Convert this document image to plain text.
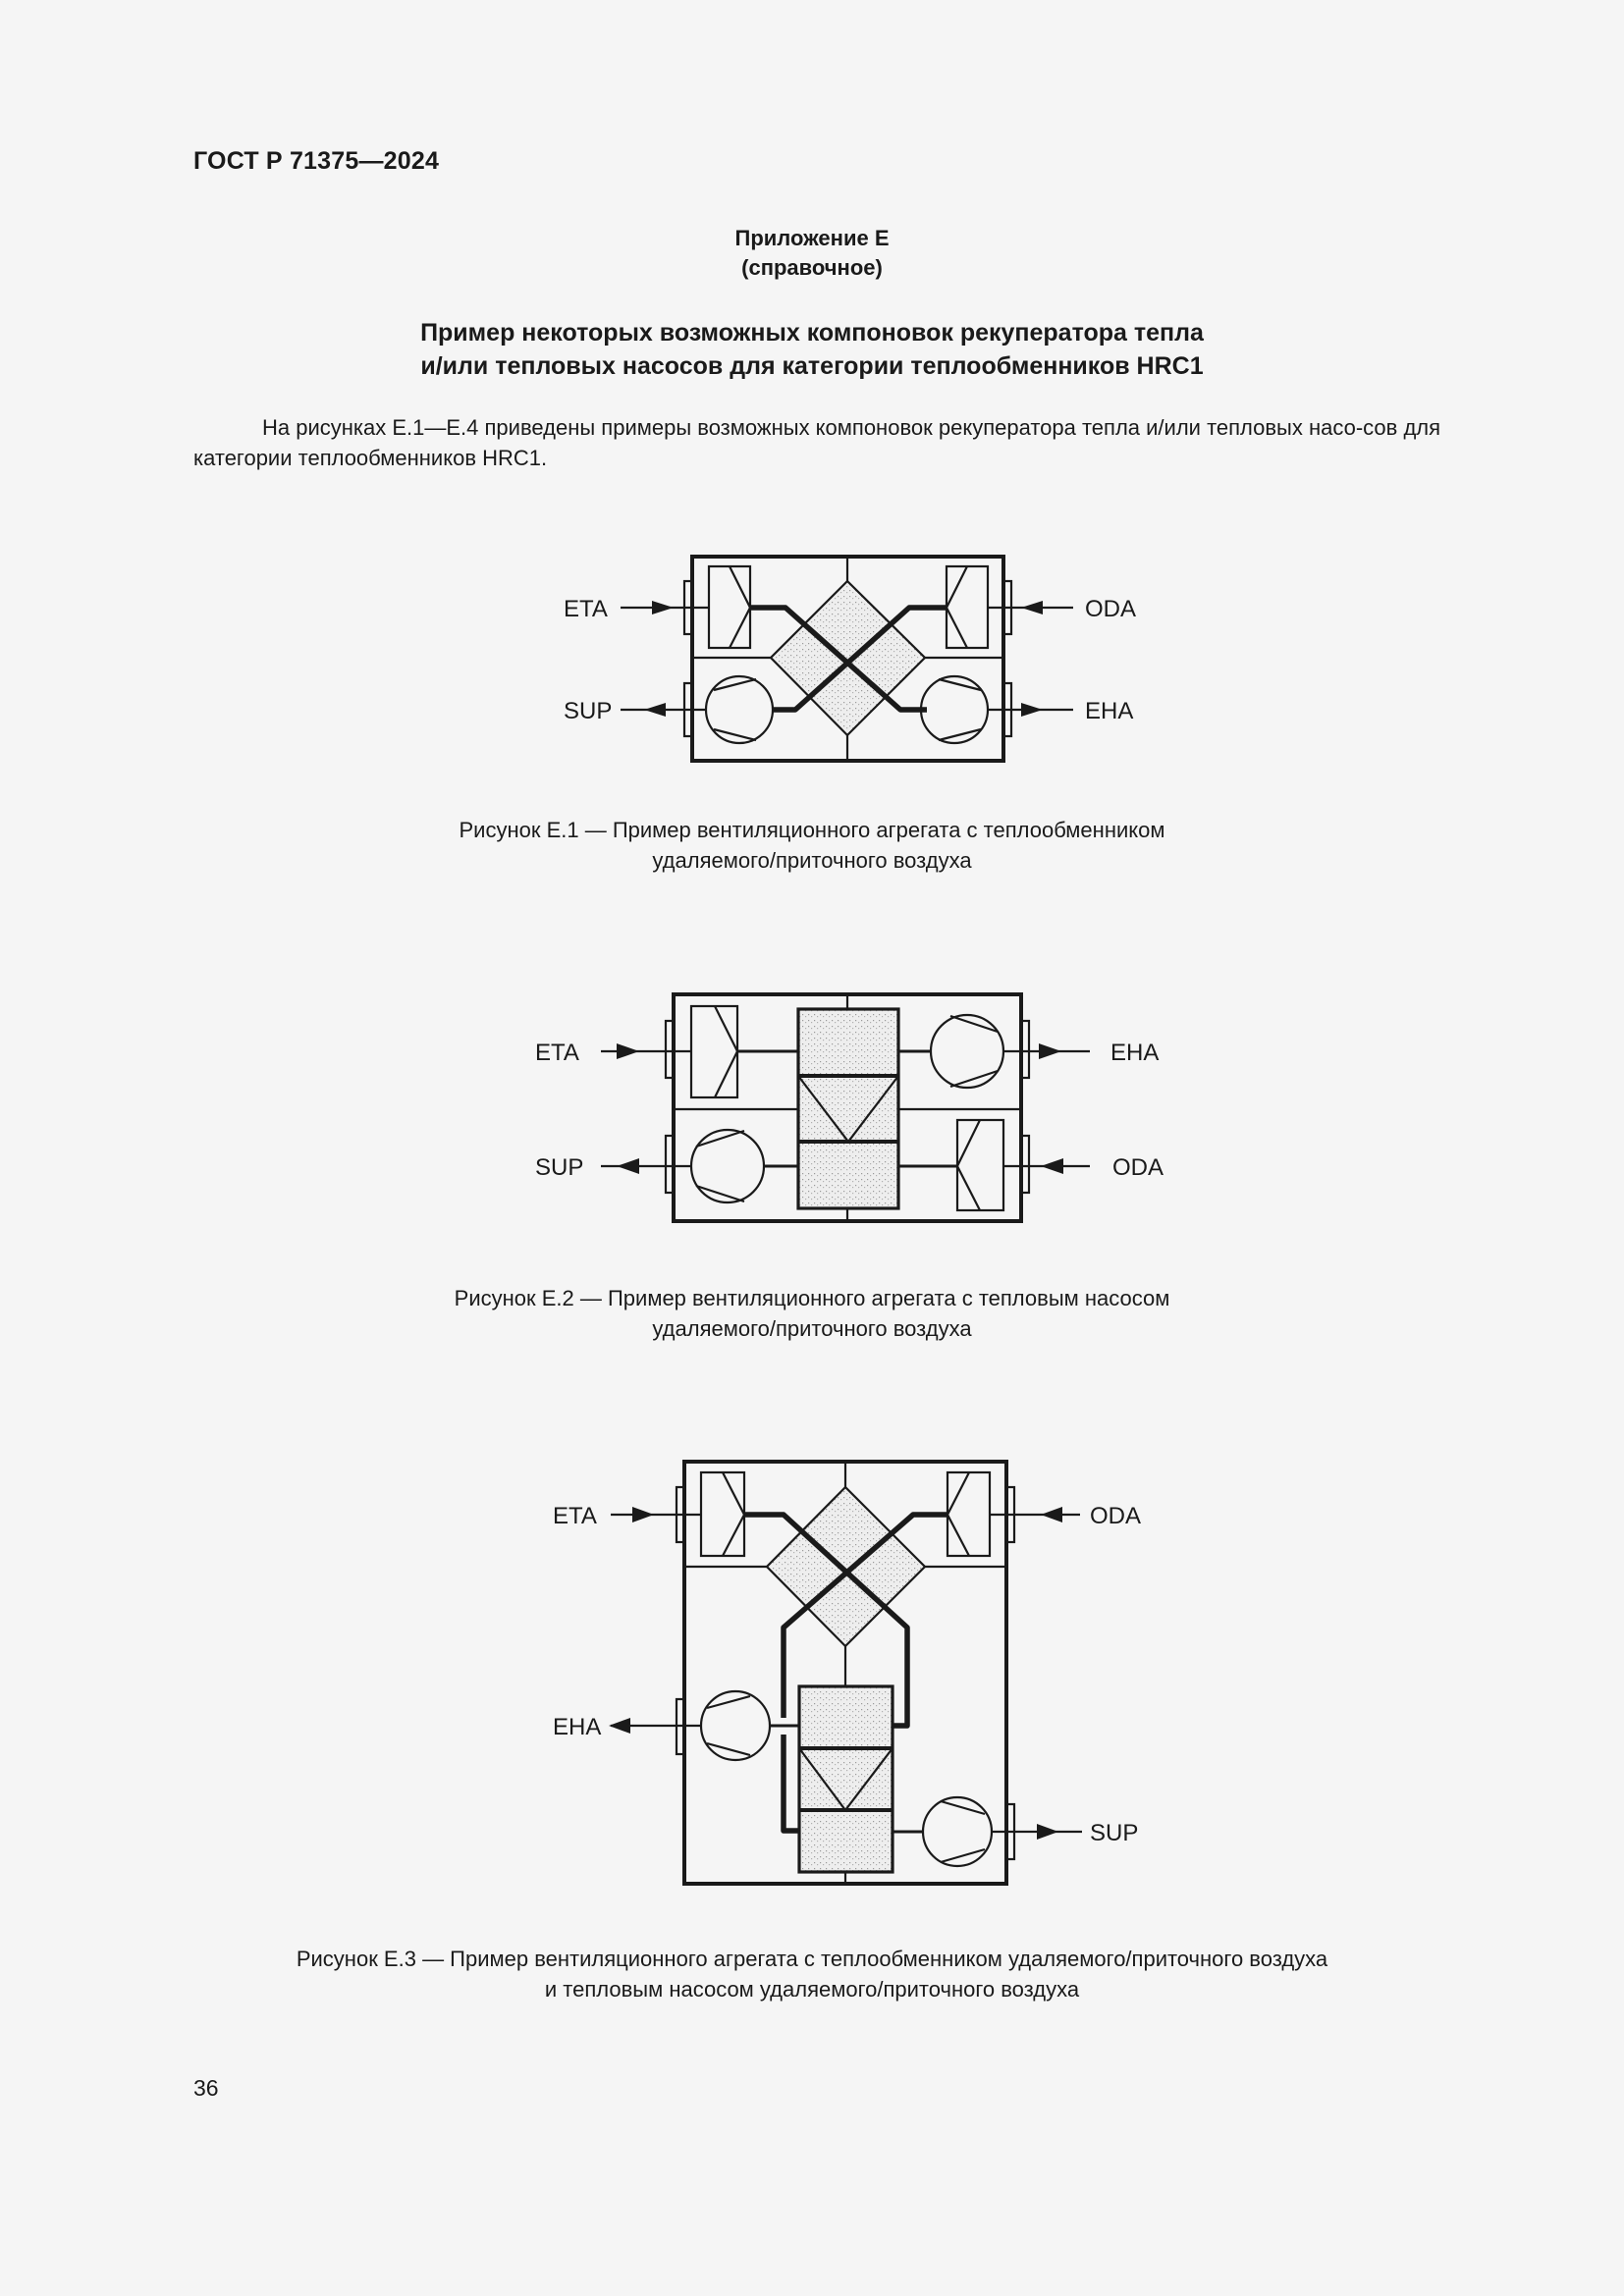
ГОСТ Р 71375—2024
Приложение Е
(справочное)
Пример некоторых возможных компоновок рекуператора тепла
и/или тепловых насосов для категории теплообменников HRC1
На рисунках Е.1—Е.4 приведены примеры возможных компоновок рекуператора тепла и/или тепловых насо-сов для категории теплообменников HRC1.
ETA
SUP
ODA
EHA
ETA
SUP
EHA
ODA
ETA	ODA
EHA
SUP
Рисунок Е.1 — Пример вентиляционного агрегата с теплообменником
удаляемого/приточного воздуха
Рисунок Е.2 — Пример вентиляционного агрегата с тепловым насосом
удаляемого/приточного воздуха
Рисунок Е.3 — Пример вентиляционного агрегата с теплообменником удаляемого/приточного воздуха
и тепловым насосом удаляемого/приточного воздуха
36
